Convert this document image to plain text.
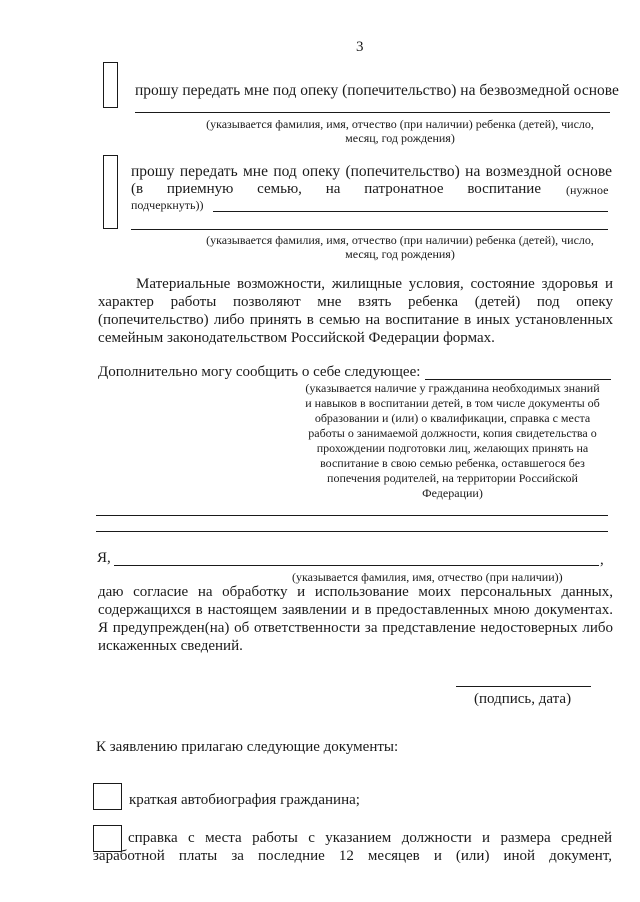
3
прошу передать мне под опеку (попечительство) на безвозмедной основе
(указывается фамилия, имя, отчество (при наличии) ребенка (детей), число,
месяц, год рождения)
прошу передать мне под опеку (попечительство) на возмездной основе
(в приемную семью, на патронатное воспитание (нужное
подчеркнуть))
(указывается фамилия, имя, отчество (при наличии) ребенка (детей), число,
месяц, год рождения)
Материальные возможности, жилищные условия, состояние здоровья и
характер работы позволяют мне взять ребенка (детей) под опеку
(попечительство) либо принять в семью на воспитание в иных установленных
семейным законодательством Российской Федерации формах.
Дополнительно могу сообщить о себе следующее:
(указывается наличие у гражданина необходимых знаний
и навыков в воспитании детей, в том числе документы об
образовании и (или) о квалификации, справка с места
работы о занимаемой должности, копия свидетельства о
прохождении подготовки лиц, желающих принять на
воспитание в свою семью ребенка, оставшегося без
попечения родителей, на территории Российской
Федерации)
Я,	,
(указывается фамилия, имя, отчество (при наличии))
даю согласие на обработку и использование моих персональных данных,
содержащихся в настоящем заявлении и в предоставленных мною документах.
Я предупрежден(на) об ответственности за представление недостоверных либо
искаженных сведений.
(подпись, дата)
К заявлению прилагаю следующие документы:
краткая автобиография гражданина;
справка с места работы с указанием должности и размера средней
заработной платы за последние 12 месяцев и (или) иной документ,
